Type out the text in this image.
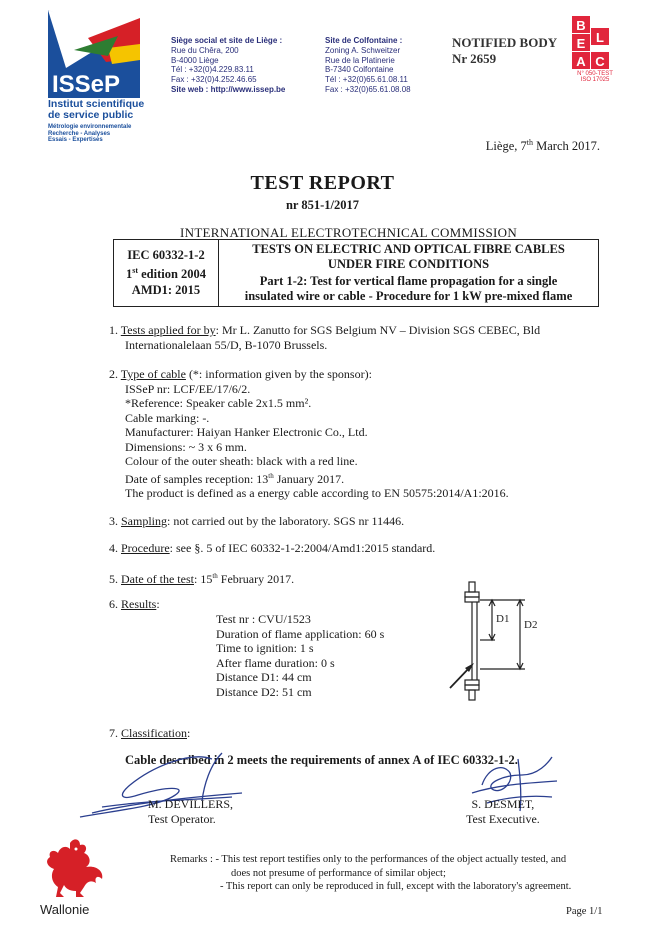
ISSeP
Institut scientifique
de service public
Métrologie environnementale
Recherche - Analyses
Essais - Expertises
Siège social et site de Liège :
Rue du Chêra, 200
B-4000 Liège
Tél : +32(0)4.229.83.11
Fax : +32(0)4.252.46.65
Site web : http://www.issep.be
Site de Colfontaine :
Zoning A. Schweitzer
Rue de la Platinerie
B-7340 Colfontaine
Tél : +32(0)65.61.08.11
Fax : +32(0)65.61.08.08
NOTIFIED BODY
Nr 2659
B
E L
A C
N° 050-TEST
ISO 17025
Liège, 7th March 2017.
TEST REPORT
nr 851-1/2017
INTERNATIONAL ELECTROTECHNICAL COMMISSION
IEC 60332-1-2
1st edition 2004
AMD1: 2015

TESTS ON ELECTRIC AND OPTICAL FIBRE CABLES
UNDER FIRE CONDITIONS
Part 1-2: Test for vertical flame propagation for a single
insulated wire or cable - Procedure for 1 kW pre-mixed flame
1. Tests applied for by: Mr L. Zanutto for SGS Belgium NV – Division SGS CEBEC, Bld
Internationalelaan 55/D, B-1070 Brussels.
2. Type of cable (*: information given by the sponsor):
ISSeP nr: LCF/EE/17/6/2.
*Reference: Speaker cable 2x1.5 mm².
Cable marking: -.
Manufacturer: Haiyan Hanker Electronic Co., Ltd.
Dimensions: ~ 3 x 6 mm.
Colour of the outer sheath: black with a red line.
Date of samples reception: 13th January 2017.
The product is defined as a energy cable according to EN 50575:2014/A1:2016.
3. Sampling: not carried out by the laboratory. SGS nr 11446.
4. Procedure: see §. 5 of IEC 60332-1-2:2004/Amd1:2015 standard.
5. Date of the test: 15th February 2017.
6. Results:
Test nr : CVU/1523
Duration of flame application: 60 s
Time to ignition: 1 s
After flame duration: 0 s
Distance D1: 44 cm
Distance D2: 51 cm
D1 D2
7. Classification:
Cable described in 2 meets the requirements of annex A of IEC 60332-1-2.
M. DEVILLERS,
Test Operator.
S. DESMET,
Test Executive.
Wallonie
Remarks : - This test report testifies only to the performances of the object actually tested, and
does not presume of performance of similar object;
- This report can only be reproduced in full, except with the laboratory's agreement.
Page 1/1
